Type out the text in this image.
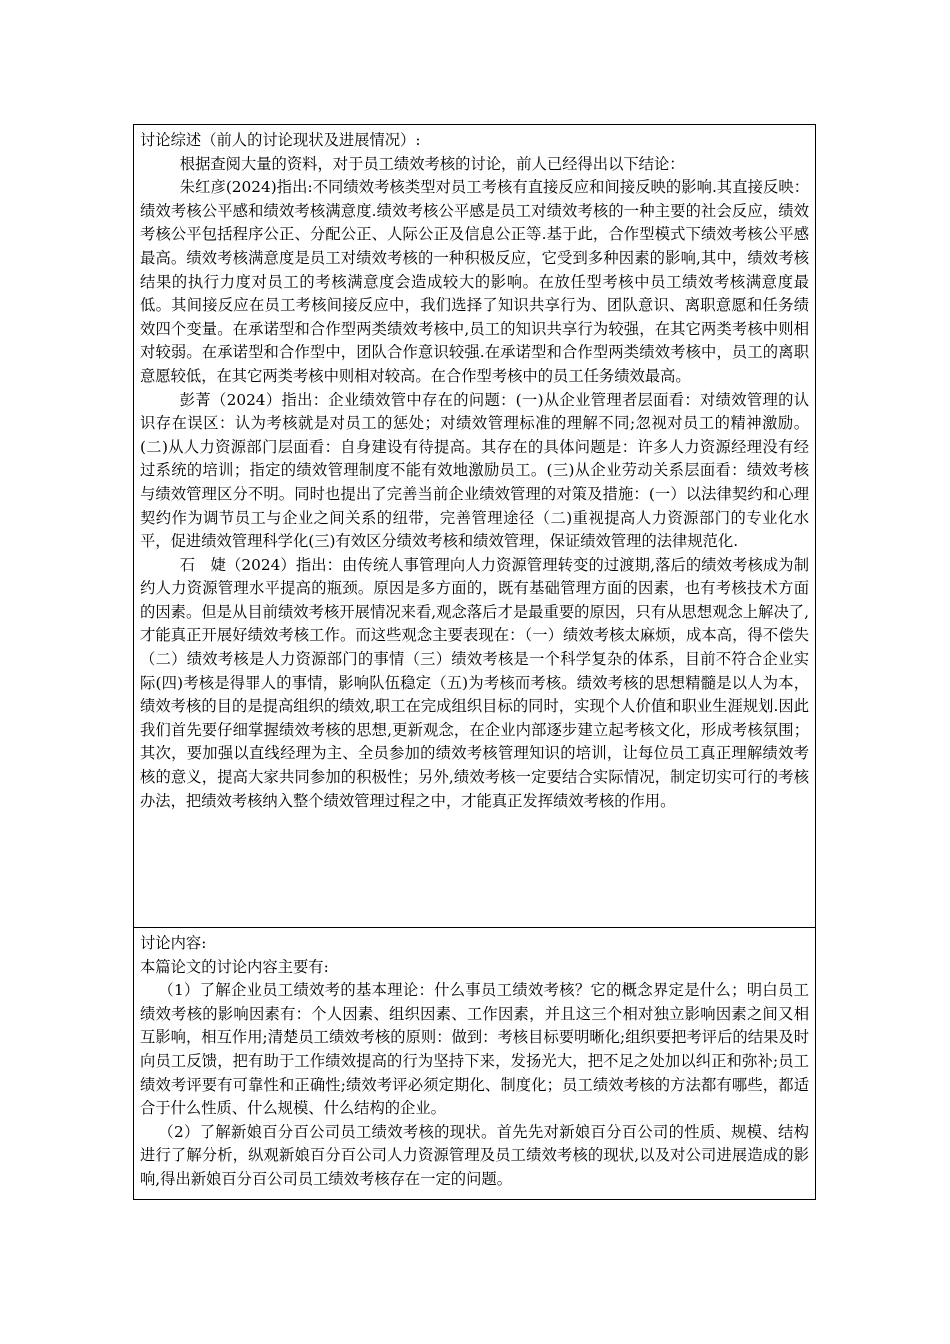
讨论综述（前人的讨论现状及进展情况）:

根据查阅大量的资料，对于员工绩效考核的讨论，前人已经得出以下结论：

朱红彦(2024)指出:不同绩效考核类型对员工考核有直接反应和间接反映的影响.其直接反映：绩效考核公平感和绩效考核满意度.绩效考核公平感是员工对绩效考核的一种主要的社会反应，绩效考核公平包括程序公正、分配公正、人际公正及信息公正等.基于此，合作型模式下绩效考核公平感最高。绩效考核满意度是员工对绩效考核的一种积极反应，它受到多种因素的影响,其中，绩效考核结果的执行力度对员工的考核满意度会造成较大的影响。在放任型考核中员工绩效考核满意度最低。其间接反应在员工考核间接反应中，我们选择了知识共享行为、团队意识、离职意愿和任务绩效四个变量。在承诺型和合作型两类绩效考核中,员工的知识共享行为较强，在其它两类考核中则相对较弱。在承诺型和合作型中，团队合作意识较强.在承诺型和合作型两类绩效考核中，员工的离职意愿较低，在其它两类考核中则相对较高。在合作型考核中的员工任务绩效最高。

彭菁（2024）指出：企业绩效管中存在的问题：(一)从企业管理者层面看：对绩效管理的认识存在误区：认为考核就是对员工的惩处；对绩效管理标准的理解不同;忽视对员工的精神激励。(二)从人力资源部门层面看：自身建设有待提高。其存在的具体问题是：许多人力资源经理没有经过系统的培训；指定的绩效管理制度不能有效地激励员工。(三)从企业劳动关系层面看：绩效考核与绩效管理区分不明。同时也提出了完善当前企业绩效管理的对策及措施：(一）以法律契约和心理契约作为调节员工与企业之间关系的纽带，完善管理途径（二)重视提高人力资源部门的专业化水平，促进绩效管理科学化(三)有效区分绩效考核和绩效管理，保证绩效管理的法律规范化.

石　婕（2024）指出：由传统人事管理向人力资源管理转变的过渡期,落后的绩效考核成为制约人力资源管理水平提高的瓶颈。原因是多方面的，既有基础管理方面的因素，也有考核技术方面的因素。但是从目前绩效考核开展情况来看,观念落后才是最重要的原因，只有从思想观念上解决了,才能真正开展好绩效考核工作。而这些观念主要表现在：（一）绩效考核太麻烦，成本高，得不偿失（二）绩效考核是人力资源部门的事情（三）绩效考核是一个科学复杂的体系，目前不符合企业实际(四)考核是得罪人的事情，影响队伍稳定（五)为考核而考核。绩效考核的思想精髓是以人为本，绩效考核的目的是提高组织的绩效,职工在完成组织目标的同时，实现个人价值和职业生涯规划.因此我们首先要仔细掌握绩效考核的思想,更新观念，在企业内部逐步建立起考核文化，形成考核氛围；其次，要加强以直线经理为主、全员参加的绩效考核管理知识的培训，让每位员工真正理解绩效考核的意义，提高大家共同参加的积极性；另外,绩效考核一定要结合实际情况，制定切实可行的考核办法，把绩效考核纳入整个绩效管理过程之中，才能真正发挥绩效考核的作用。

讨论内容:

本篇论文的讨论内容主要有:

（1）了解企业员工绩效考的基本理论：什么事员工绩效考核？它的概念界定是什么；明白员工绩效考核的影响因素有：个人因素、组织因素、工作因素，并且这三个相对独立影响因素之间又相互影响，相互作用;清楚员工绩效考核的原则：做到：考核目标要明晰化;组织要把考评后的结果及时向员工反馈，把有助于工作绩效提高的行为坚持下来，发扬光大，把不足之处加以纠正和弥补;员工绩效考评要有可靠性和正确性;绩效考评必须定期化、制度化；员工绩效考核的方法都有哪些，都适合于什么性质、什么规模、什么结构的企业。

（2）了解新娘百分百公司员工绩效考核的现状。首先先对新娘百分百公司的性质、规模、结构进行了解分析，纵观新娘百分百公司人力资源管理及员工绩效考核的现状,以及对公司进展造成的影响,得出新娘百分百公司员工绩效考核存在一定的问题。
